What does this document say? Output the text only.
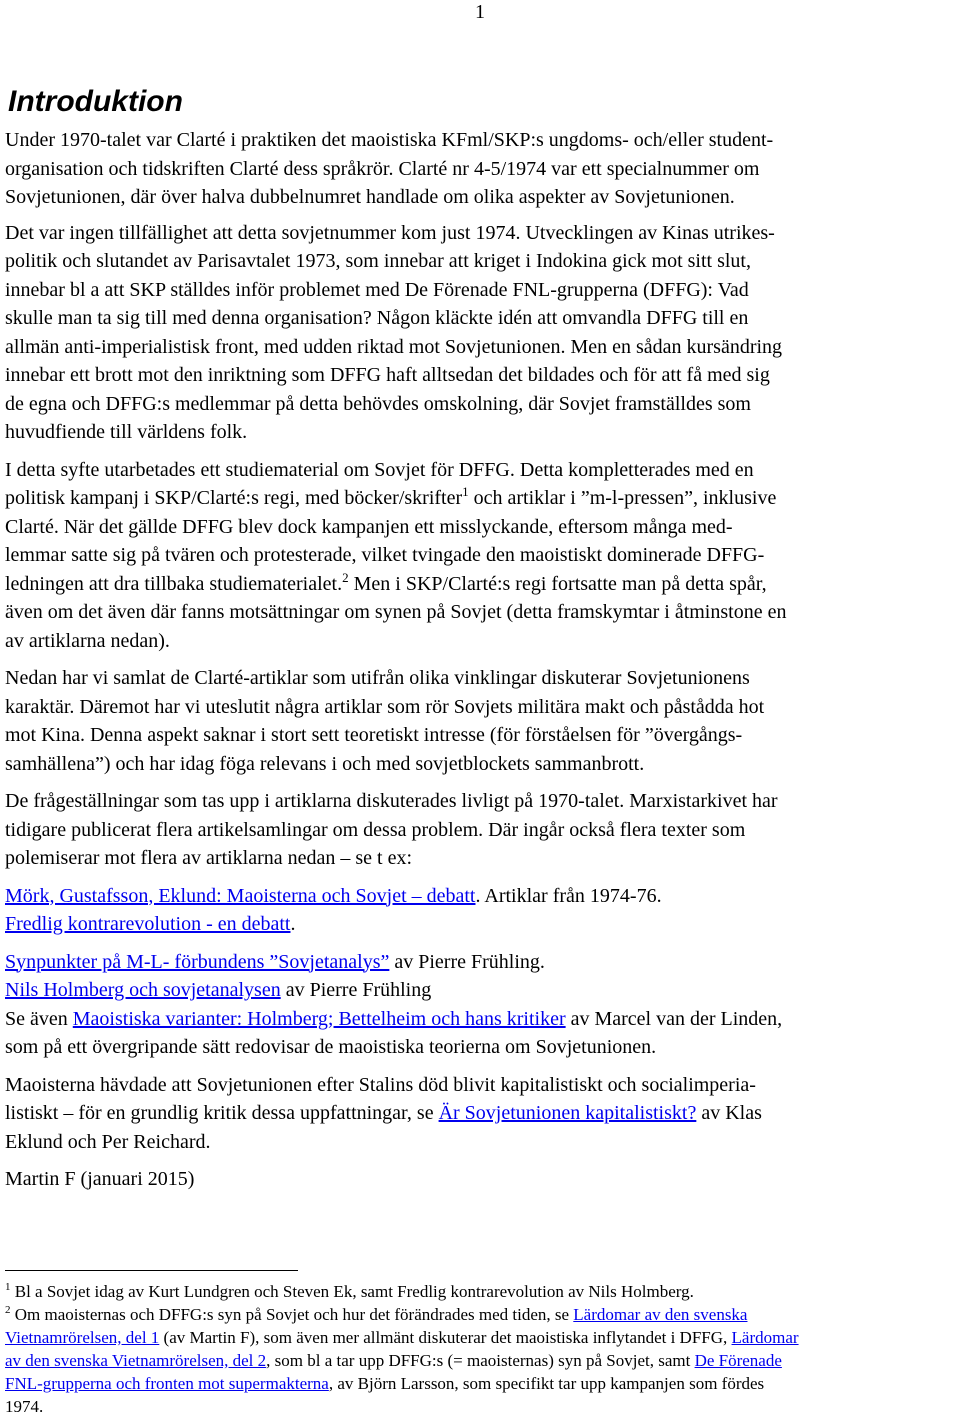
1
Introduktion

Under 1970-talet var Clarté i praktiken det maoistiska KFml/SKP:s ungdoms- och/eller student-
organisation och tidskriften Clarté dess språkrör. Clarté nr 4-5/1974 var ett specialnummer om
Sovjetunionen, där över halva dubbelnumret handlade om olika aspekter av Sovjetunionen.

Det var ingen tillfällighet att detta sovjetnummer kom just 1974. Utvecklingen av Kinas utrikes-
politik och slutandet av Parisavtalet 1973, som innebar att kriget i Indokina gick mot sitt slut,
innebar bl a att SKP ställdes inför problemet med De Förenade FNL-grupperna (DFFG): Vad
skulle man ta sig till med denna organisation? Någon kläckte idén att omvandla DFFG till en
allmän anti-imperialistisk front, med udden riktad mot Sovjetunionen. Men en sådan kursändring
innebar ett brott mot den inriktning som DFFG haft alltsedan det bildades och för att få med sig
de egna och DFFG:s medlemmar på detta behövdes omskolning, där Sovjet framställdes som
huvudfiende till världens folk.

I detta syfte utarbetades ett studiematerial om Sovjet för DFFG. Detta kompletterades med en
politisk kampanj i SKP/Clarté:s regi, med böcker/skrifter$^1$ och artiklar i ”m-l-pressen”, inklusive
Clarté. När det gällde DFFG blev dock kampanjen ett misslyckande, eftersom många med-
lemmar satte sig på tvären och protesterade, vilket tvingade den maoistiskt dominerade DFFG-
ledningen att dra tillbaka studiematerialet.$^2$ Men i SKP/Clarté:s regi fortsatte man på detta spår,
även om det även där fanns motsättningar om synen på Sovjet (detta framskymtar i åtminstone en
av artiklarna nedan).

Nedan har vi samlat de Clarté-artiklar som utifrån olika vinklingar diskuterar Sovjetunionens
karaktär. Däremot har vi uteslutit några artiklar som rör Sovjets militära makt och påstådda hot
mot Kina. Denna aspekt saknar i stort sett teoretiskt intresse (för förståelsen för ”övergångs-
samhällena”) och har idag föga relevans i och med sovjetblockets sammanbrott.

De frågeställningar som tas upp i artiklarna diskuterades livligt på 1970-talet. Marxistarkivet har
tidigare publicerat flera artikelsamlingar om dessa problem. Där ingår också flera texter som
polemiserar mot flera av artiklarna nedan – se t ex:

Mörk, Gustafsson, Eklund: Maoisterna och Sovjet – debatt. Artiklar från 1974-76.
Fredlig kontrarevolution - en debatt.

Synpunkter på M-L- förbundens ”Sovjetanalys” av Pierre Frühling.
Nils Holmberg och sovjetanalysen av Pierre Frühling
Se även Maoistiska varianter: Holmberg; Bettelheim och hans kritiker av Marcel van der Linden,
som på ett övergripande sätt redovisar de maoistiska teorierna om Sovjetunionen.

Maoisterna hävdade att Sovjetunionen efter Stalins död blivit kapitalistiskt och socialimperia-
listiskt – för en grundlig kritik dessa uppfattningar, se Är Sovjetunionen kapitalistiskt? av Klas
Eklund och Per Reichard.

Martin F (januari 2015)

$^1$ Bl a Sovjet idag av Kurt Lundgren och Steven Ek, samt Fredlig kontrarevolution av Nils Holmberg.

$^2$ Om maoisternas och DFFG:s syn på Sovjet och hur det förändrades med tiden, se Lärdomar av den svenska
Vietnamrörelsen, del 1 (av Martin F), som även mer allmänt diskuterar det maoistiska inflytandet i DFFG, Lärdomar
av den svenska Vietnamrörelsen, del 2, som bl a tar upp DFFG:s (= maoisternas) syn på Sovjet, samt De Förenade
FNL-grupperna och fronten mot supermakterna, av Björn Larsson, som specifikt tar upp kampanjen som fördes
1974.
